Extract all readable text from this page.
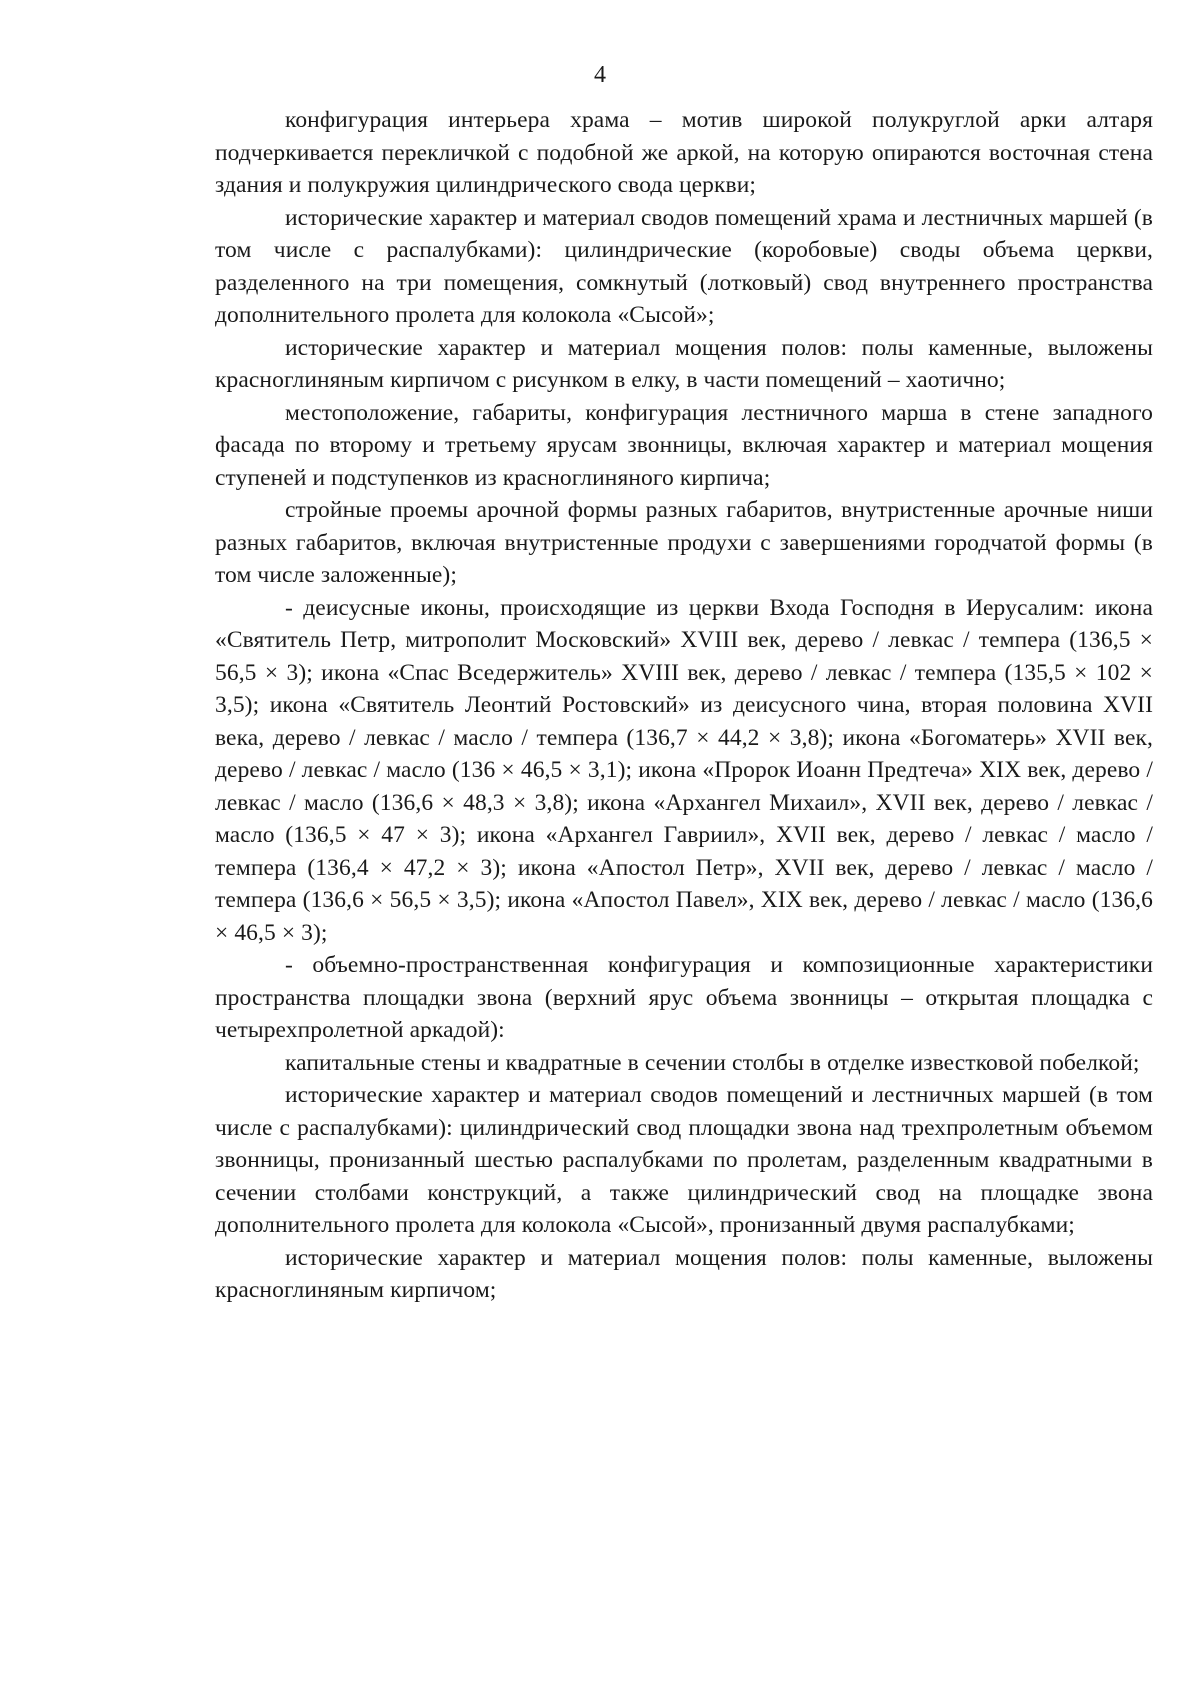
4

конфигурация интерьера храма – мотив широкой полукруглой арки алтаря подчеркивается перекличкой с подобной же аркой, на которую опираются восточная стена здания и полукружия цилиндрического свода церкви;

исторические характер и материал сводов помещений храма и лестничных маршей (в том числе с распалубками): цилиндрические (коробовые) своды объема церкви, разделенного на три помещения, сомкнутый (лотковый) свод внутреннего пространства дополнительного пролета для колокола «Сысой»;

исторические характер и материал мощения полов: полы каменные, выложены красноглиняным кирпичом с рисунком в елку, в части помещений – хаотично;

местоположение, габариты, конфигурация лестничного марша в стене западного фасада по второму и третьему ярусам звонницы, включая характер и материал мощения ступеней и подступенков из красноглиняного кирпича;

стройные проемы арочной формы разных габаритов, внутристенные арочные ниши разных габаритов, включая внутристенные продухи с завершениями городчатой формы (в том числе заложенные);

- деисусные иконы, происходящие из церкви Входа Господня в Иерусалим: икона «Святитель Петр, митрополит Московский» XVIII век, дерево / левкас / темпера (136,5 × 56,5 × 3); икона «Спас Вседержитель» XVIII век, дерево / левкас / темпера (135,5 × 102 × 3,5); икона «Святитель Леонтий Ростовский» из деисусного чина, вторая половина XVII века, дерево / левкас / масло / темпера (136,7 × 44,2 × 3,8); икона «Богоматерь» XVII век, дерево / левкас / масло (136 × 46,5 × 3,1); икона «Пророк Иоанн Предтеча» XIX век, дерево / левкас / масло (136,6 × 48,3 × 3,8); икона «Архангел Михаил», XVII век, дерево / левкас / масло (136,5 × 47 × 3); икона «Архангел Гавриил», XVII век, дерево / левкас / масло / темпера (136,4 × 47,2 × 3); икона «Апостол Петр», XVII век, дерево / левкас / масло / темпера (136,6 × 56,5 × 3,5); икона «Апостол Павел», XIX век, дерево / левкас / масло (136,6 × 46,5 × 3);

- объемно-пространственная конфигурация и композиционные характеристики пространства площадки звона (верхний ярус объема звонницы – открытая площадка с четырехпролетной аркадой):

капитальные стены и квадратные в сечении столбы в отделке известковой побелкой;

исторические характер и материал сводов помещений и лестничных маршей (в том числе с распалубками): цилиндрический свод площадки звона над трехпролетным объемом звонницы, пронизанный шестью распалубками по пролетам, разделенным квадратными в сечении столбами конструкций, а также цилиндрический свод на площадке звона дополнительного пролета для колокола «Сысой», пронизанный двумя распалубками;

исторические характер и материал мощения полов: полы каменные, выложены красноглиняным кирпичом;
